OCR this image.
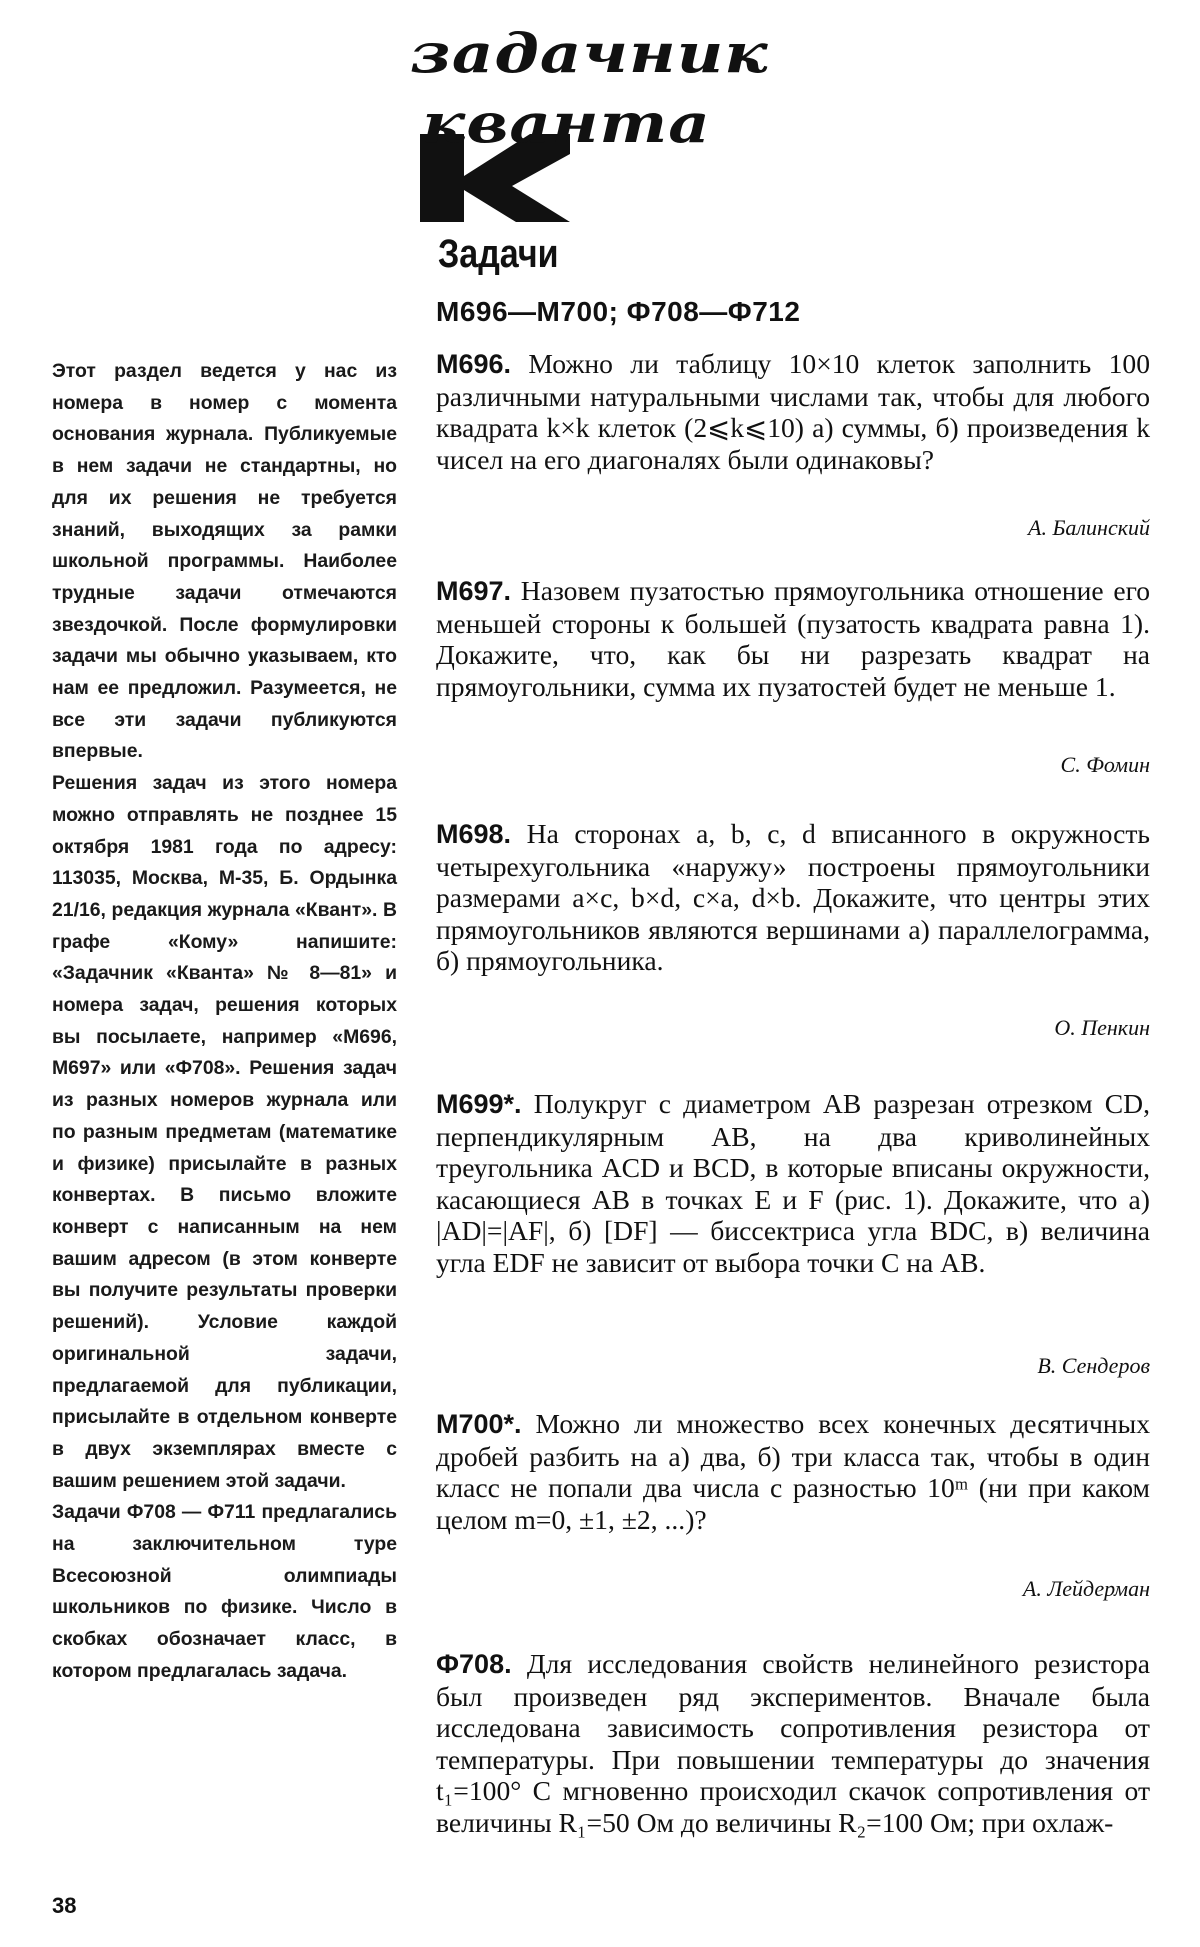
задачник
кванта
Задачи
М696—М700; Ф708—Ф712

Этот раздел ведется у нас из номера в номер с момента основания журнала. Публикуемые в нем задачи не стандартны, но для их решения не требуется знаний, выходящих за рамки школьной программы. Наиболее трудные задачи отмечаются звездочкой. После формулировки задачи мы обычно указываем, кто нам ее предложил. Разумеется, не все эти задачи публикуются впервые.

Решения задач из этого номера можно отправлять не позднее 15 октября 1981 года по адресу: 113035, Москва, М-35, Б. Ордынка 21/16, редакция журнала «Квант». В графе «Кому» напишите: «Задачник «Кванта» № 8—81» и номера задач, решения которых вы посылаете, например «М696, М697» или «Ф708». Решения задач из разных номеров журнала или по разным предметам (математике и физике) присылайте в разных конвертах. В письмо вложите конверт с написанным на нем вашим адресом (в этом конверте вы получите результаты проверки решений). Условие каждой оригинальной задачи, предлагаемой для публикации, присылайте в отдельном конверте в двух экземплярах вместе с вашим решением этой задачи.

Задачи Ф708 — Ф711 предлагались на заключительном туре Всесоюзной олимпиады школьников по физике. Число в скобках обозначает класс, в котором предлагалась задача.

М696. Можно ли таблицу 10×10 клеток заполнить 100 различными натуральными числами так, чтобы для любого квадрата k×k клеток (2⩽k⩽10) а) суммы, б) произведения k чисел на его диагоналях были одинаковы?
А. Балинский
М697. Назовем пузатостью прямоугольника отношение его меньшей стороны к большей (пузатость квадрата равна 1). Докажите, что, как бы ни разрезать квадрат на прямоугольники, сумма их пузатостей будет не меньше 1.
С. Фомин
М698. На сторонах a, b, c, d вписанного в окружность четырехугольника «наружу» построены прямоугольники размерами a×c, b×d, c×a, d×b. Докажите, что центры этих прямоугольников являются вершинами а) параллелограмма, б) прямоугольника.
О. Пенкин
М699*. Полукруг с диаметром AB разрезан отрезком CD, перпендикулярным AB, на два криволинейных треугольника ACD и BCD, в которые вписаны окружности, касающиеся AB в точках E и F (рис. 1). Докажите, что а) |AD|=|AF|, б) [DF] — биссектриса угла BDC, в) величина угла EDF не зависит от выбора точки C на AB.
В. Сендеров
М700*. Можно ли множество всех конечных десятичных дробей разбить на а) два, б) три класса так, чтобы в один класс не попали два числа с разностью 10ᵐ (ни при каком целом m=0, ±1, ±2, ...)?
А. Лейдерман
Ф708. Для исследования свойств нелинейного резистора был произведен ряд экспериментов. Вначале была исследована зависимость сопротивления резистора от температуры. При повышении температуры до значения t₁=100° C мгновенно происходил скачок сопротивления от величины R₁=50 Ом до величины R₂=100 Ом; при охлаж-
38
